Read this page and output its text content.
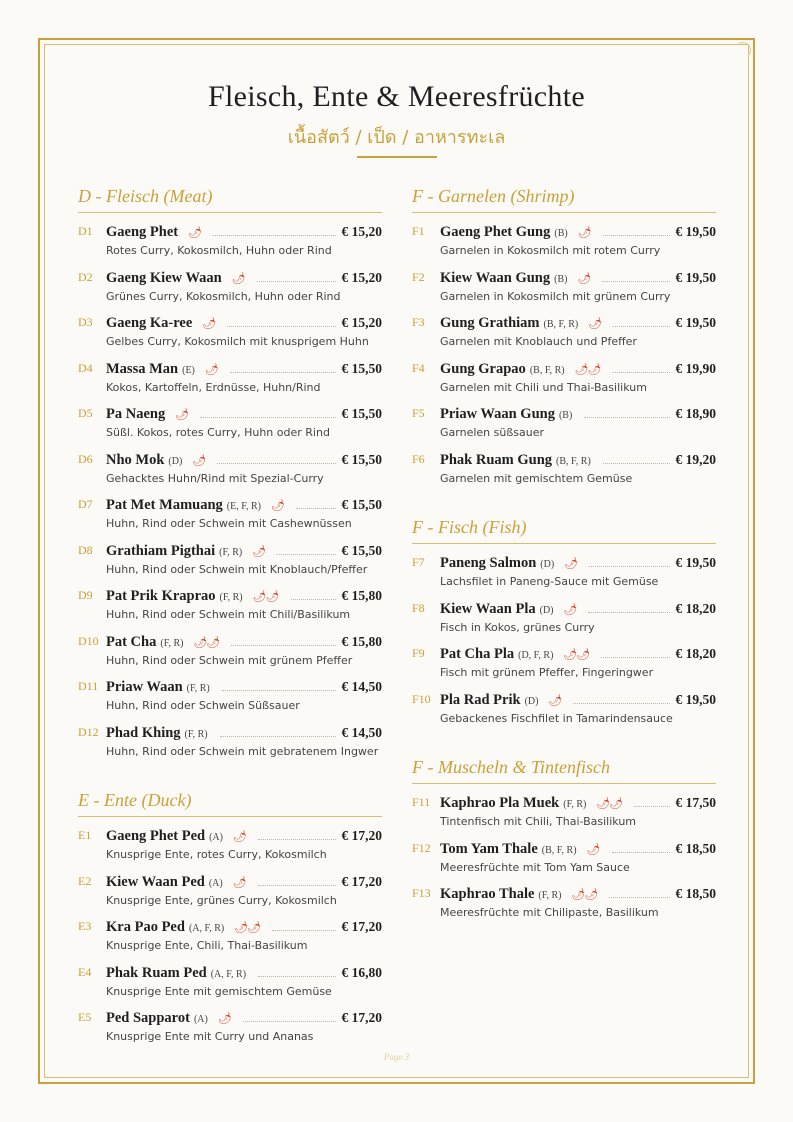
Fleisch, Ente & Meeresfrüchte
เนื้อสัตว์ / เป็ด / อาหารทะเล
D - Fleisch (Meat)
D1 Gaeng Phet 🌶	€ 15,20
Rotes Curry, Kokosmilch, Huhn oder Rind
D2 Gaeng Kiew Waan 🌶	€ 15,20
Grünes Curry, Kokosmilch, Huhn oder Rind
D3 Gaeng Ka-ree 🌶	€ 15,20
Gelbes Curry, Kokosmilch mit knusprigem Huhn
D4 Massa Man (E) 🌶	€ 15,50
Kokos, Kartoffeln, Erdnüsse, Huhn/Rind
D5 Pa Naeng 🌶	€ 15,50
Süßl. Kokos, rotes Curry, Huhn oder Rind
D6 Nho Mok (D) 🌶	€ 15,50
Gehacktes Huhn/Rind mit Spezial-Curry
D7 Pat Met Mamuang (E, F, R) 🌶	€ 15,50
Huhn, Rind oder Schwein mit Cashewnüssen
D8 Grathiam Pigthai (F, R) 🌶	€ 15,50
Huhn, Rind oder Schwein mit Knoblauch/Pfeffer
D9 Pat Prik Kraprao (F, R) 🌶🌶	€ 15,80
Huhn, Rind oder Schwein mit Chili/Basilikum
D10 Pat Cha (F, R) 🌶🌶	€ 15,80
Huhn, Rind oder Schwein mit grünem Pfeffer
D11 Priaw Waan (F, R)	€ 14,50
Huhn, Rind oder Schwein Süßsauer
D12 Phad Khing (F, R)	€ 14,50
Huhn, Rind oder Schwein mit gebratenem Ingwer
E - Ente (Duck)
E1 Gaeng Phet Ped (A) 🌶	€ 17,20
Knusprige Ente, rotes Curry, Kokosmilch
E2 Kiew Waan Ped (A) 🌶	€ 17,20
Knusprige Ente, grünes Curry, Kokosmilch
E3 Kra Pao Ped (A, F, R) 🌶🌶	€ 17,20
Knusprige Ente, Chili, Thai-Basilikum
E4 Phak Ruam Ped (A, F, R)	€ 16,80
Knusprige Ente mit gemischtem Gemüse
E5 Ped Sapparot (A) 🌶	€ 17,20
Knusprige Ente mit Curry und Ananas
F - Garnelen (Shrimp)
F1 Gaeng Phet Gung (B) 🌶	€ 19,50
Garnelen in Kokosmilch mit rotem Curry
F2 Kiew Waan Gung (B) 🌶	€ 19,50
Garnelen in Kokosmilch mit grünem Curry
F3 Gung Grathiam (B, F, R) 🌶	€ 19,50
Garnelen mit Knoblauch und Pfeffer
F4 Gung Grapao (B, F, R) 🌶🌶	€ 19,90
Garnelen mit Chili und Thai-Basilikum
F5 Priaw Waan Gung (B)	€ 18,90
Garnelen süßsauer
F6 Phak Ruam Gung (B, F, R)	€ 19,20
Garnelen mit gemischtem Gemüse
F - Fisch (Fish)
F7 Paneng Salmon (D) 🌶	€ 19,50
Lachsfilet in Paneng-Sauce mit Gemüse
F8 Kiew Waan Pla (D) 🌶	€ 18,20
Fisch in Kokos, grünes Curry
F9 Pat Cha Pla (D, F, R) 🌶🌶	€ 18,20
Fisch mit grünem Pfeffer, Fingeringwer
F10 Pla Rad Prik (D) 🌶	€ 19,50
Gebackenes Fischfilet in Tamarindensauce
F - Muscheln & Tintenfisch
F11 Kaphrao Pla Muek (F, R) 🌶🌶	€ 17,50
Tintenfisch mit Chili, Thai-Basilikum
F12 Tom Yam Thale (B, F, R) 🌶	€ 18,50
Meeresfrüchte mit Tom Yam Sauce
F13 Kaphrao Thale (F, R) 🌶🌶	€ 18,50
Meeresfrüchte mit Chilipaste, Basilikum
Page 3
